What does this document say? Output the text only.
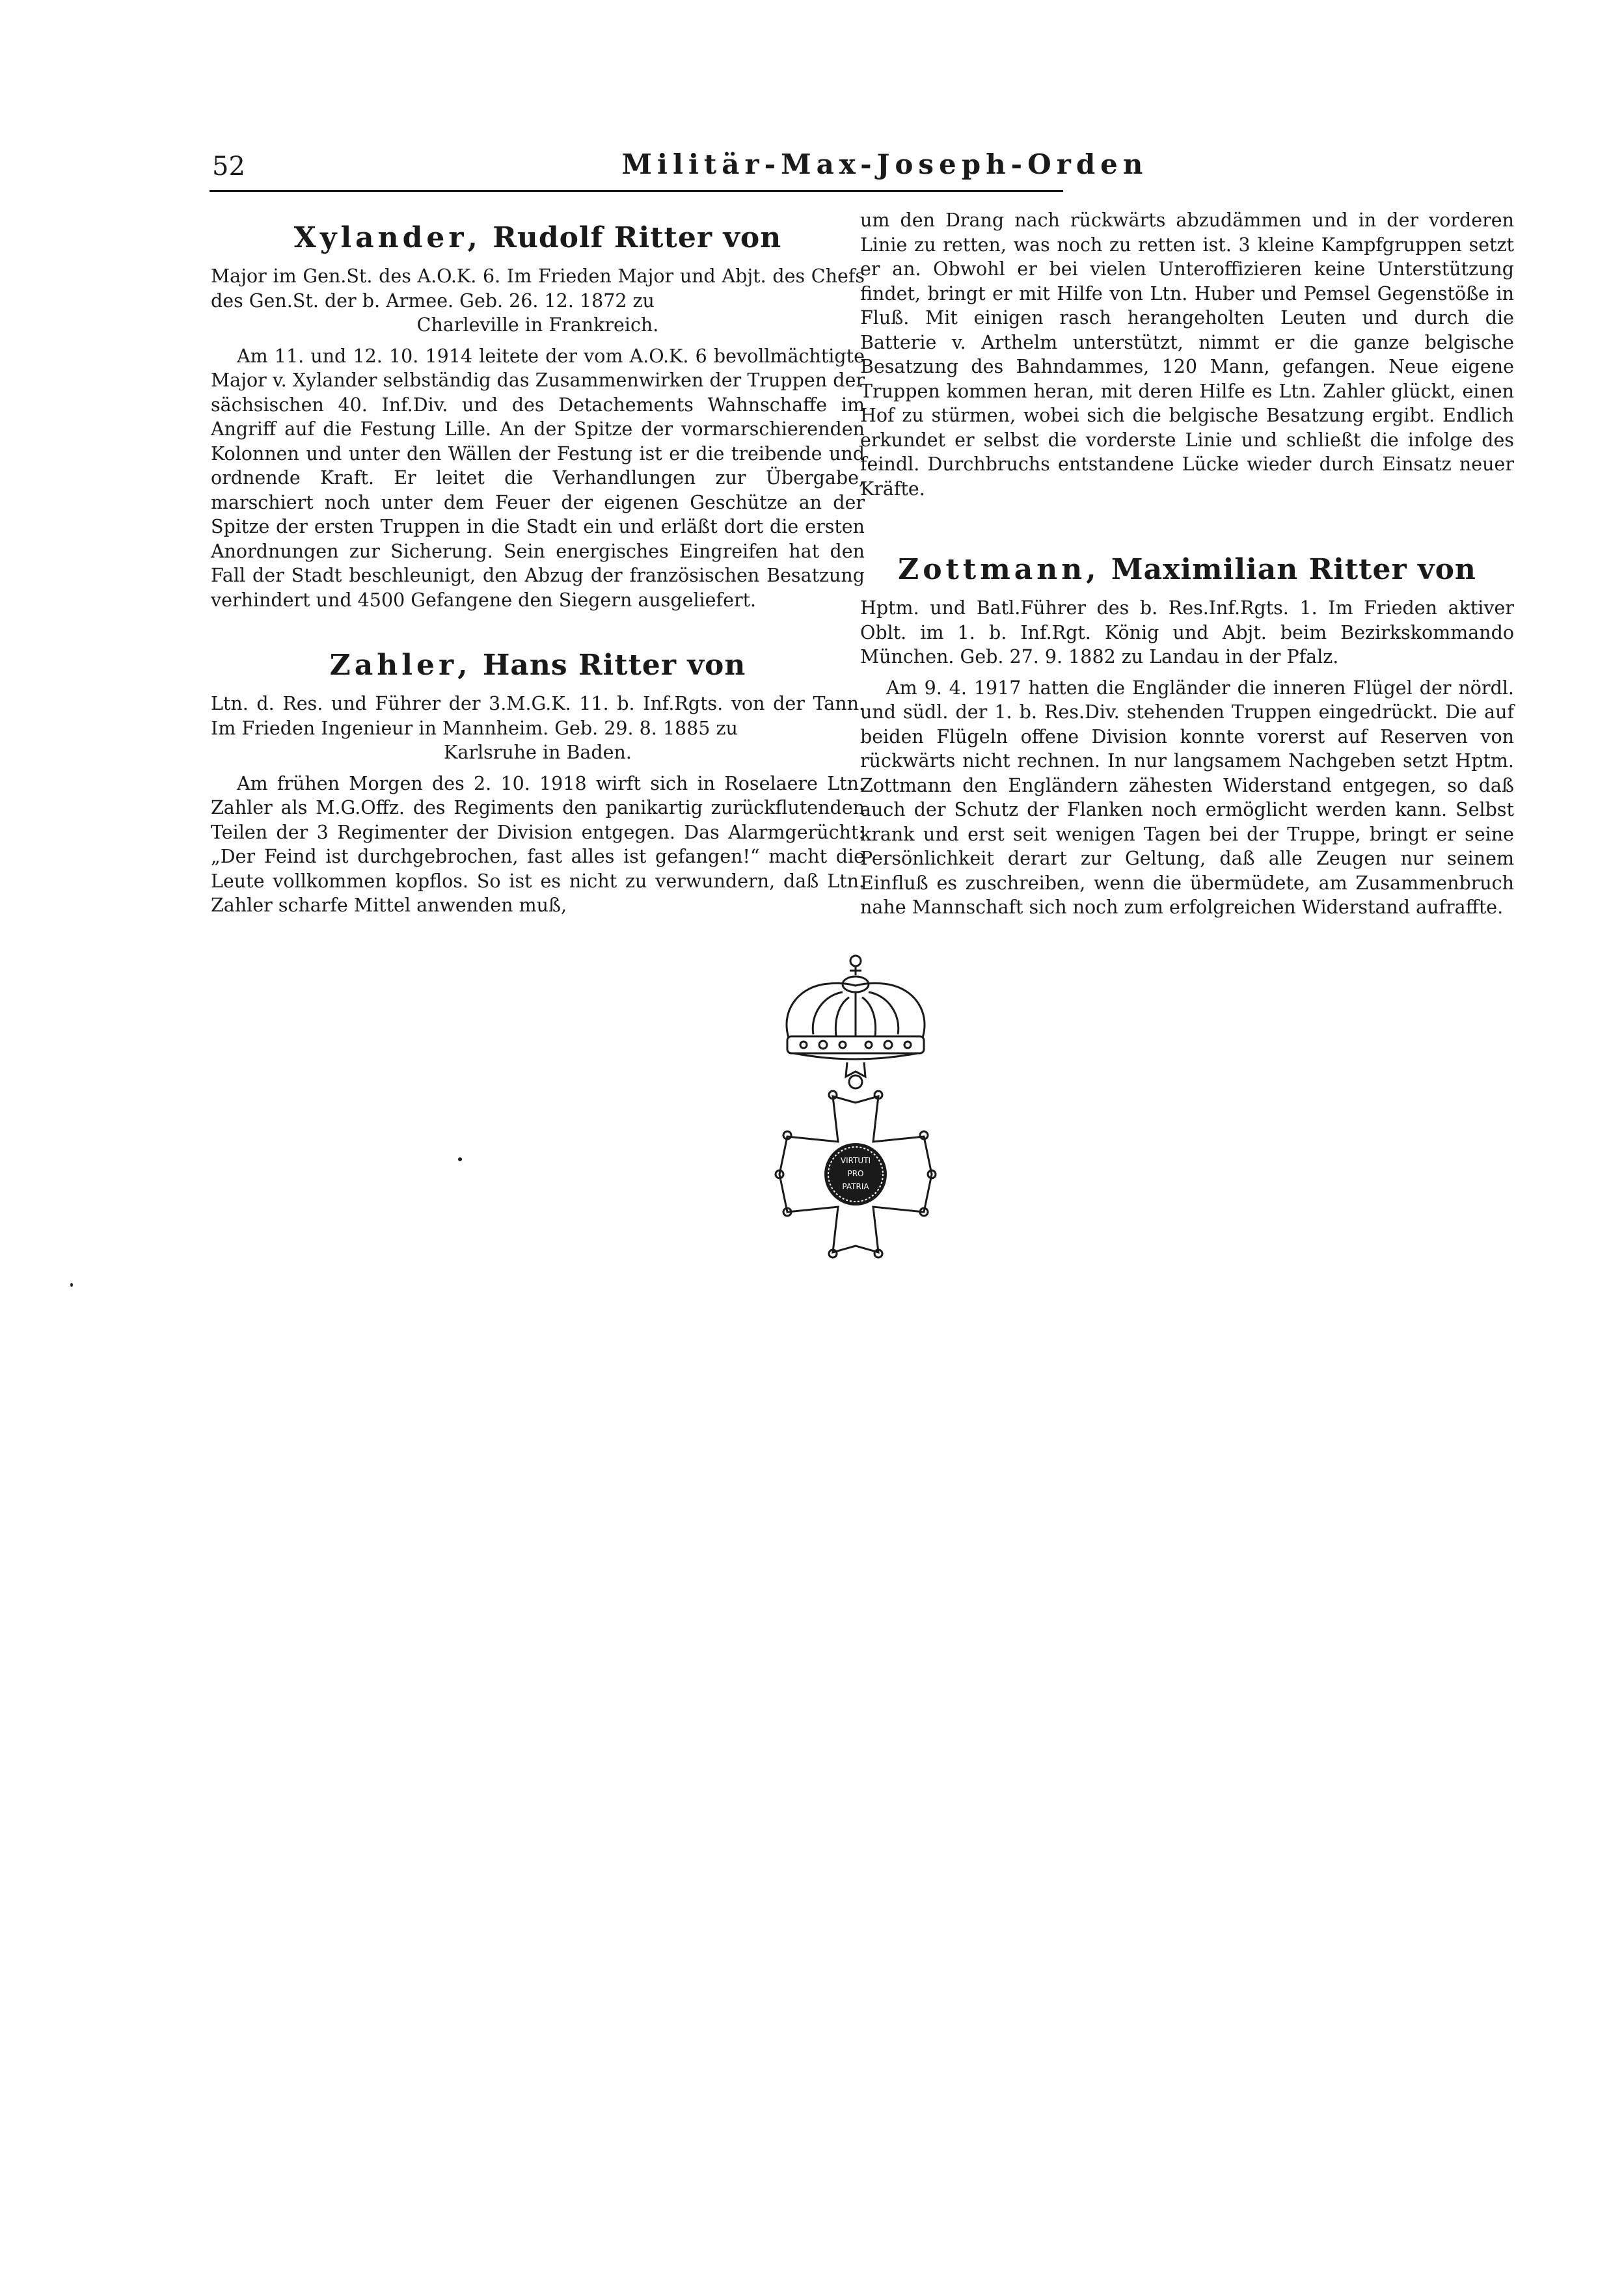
52	Militär-Max-Joseph-Orden
Xylander, Rudolf Ritter von
Major im Gen.St. des A.O.K. 6. Im Frieden Major und Abjt. des Chefs des Gen.St. der b. Armee. Geb. 26. 12. 1872 zu
Charleville in Frankreich.
Am 11. und 12. 10. 1914 leitete der vom A.O.K. 6 bevollmächtigte Major v. Xylander selbständig das Zusammenwirken der Truppen der sächsischen 40. Inf.Div. und des Detachements Wahnschaffe im Angriff auf die Festung Lille. An der Spitze der vormarschierenden Kolonnen und unter den Wällen der Festung ist er die treibende und ordnende Kraft. Er leitet die Verhandlungen zur Übergabe, marschiert noch unter dem Feuer der eigenen Geschütze an der Spitze der ersten Truppen in die Stadt ein und erläßt dort die ersten Anordnungen zur Sicherung. Sein energisches Eingreifen hat den Fall der Stadt beschleunigt, den Abzug der französischen Besatzung verhindert und 4500 Gefangene den Siegern ausgeliefert.
Zahler, Hans Ritter von
Ltn. d. Res. und Führer der 3.M.G.K. 11. b. Inf.Rgts. von der Tann. Im Frieden Ingenieur in Mannheim. Geb. 29. 8. 1885 zu
Karlsruhe in Baden.
Am frühen Morgen des 2. 10. 1918 wirft sich in Roselaere Ltn. Zahler als M.G.Offz. des Regiments den panikartig zurückflutenden Teilen der 3 Regimenter der Division entgegen. Das Alarmgerücht: „Der Feind ist durchgebrochen, fast alles ist gefangen!“ macht die Leute vollkommen kopflos. So ist es nicht zu verwundern, daß Ltn. Zahler scharfe Mittel anwenden muß,
um den Drang nach rückwärts abzudämmen und in der vorderen Linie zu retten, was noch zu retten ist. 3 kleine Kampfgruppen setzt er an. Obwohl er bei vielen Unteroffizieren keine Unterstützung findet, bringt er mit Hilfe von Ltn. Huber und Pemsel Gegenstöße in Fluß. Mit einigen rasch herangeholten Leuten und durch die Batterie v. Arthelm unterstützt, nimmt er die ganze belgische Besatzung des Bahndammes, 120 Mann, gefangen. Neue eigene Truppen kommen heran, mit deren Hilfe es Ltn. Zahler glückt, einen Hof zu stürmen, wobei sich die belgische Besatzung ergibt. Endlich erkundet er selbst die vorderste Linie und schließt die infolge des feindl. Durchbruchs entstandene Lücke wieder durch Einsatz neuer Kräfte.
Zottmann, Maximilian Ritter von
Hptm. und Batl.Führer des b. Res.Inf.Rgts. 1. Im Frieden aktiver Oblt. im 1. b. Inf.Rgt. König und Abjt. beim Bezirkskommando München. Geb. 27. 9. 1882 zu Landau in der Pfalz.
Am 9. 4. 1917 hatten die Engländer die inneren Flügel der nördl. und südl. der 1. b. Res.Div. stehenden Truppen eingedrückt. Die auf beiden Flügeln offene Division konnte vorerst auf Reserven von rückwärts nicht rechnen. In nur langsamem Nachgeben setzt Hptm. Zottmann den Engländern zähesten Widerstand entgegen, so daß auch der Schutz der Flanken noch ermöglicht werden kann. Selbst krank und erst seit wenigen Tagen bei der Truppe, bringt er seine Persönlichkeit derart zur Geltung, daß alle Zeugen nur seinem Einfluß es zuschreiben, wenn die übermüdete, am Zusammenbruch nahe Mannschaft sich noch zum erfolgreichen Widerstand aufraffte.
VIRTUTI
PRO
PATRIA
